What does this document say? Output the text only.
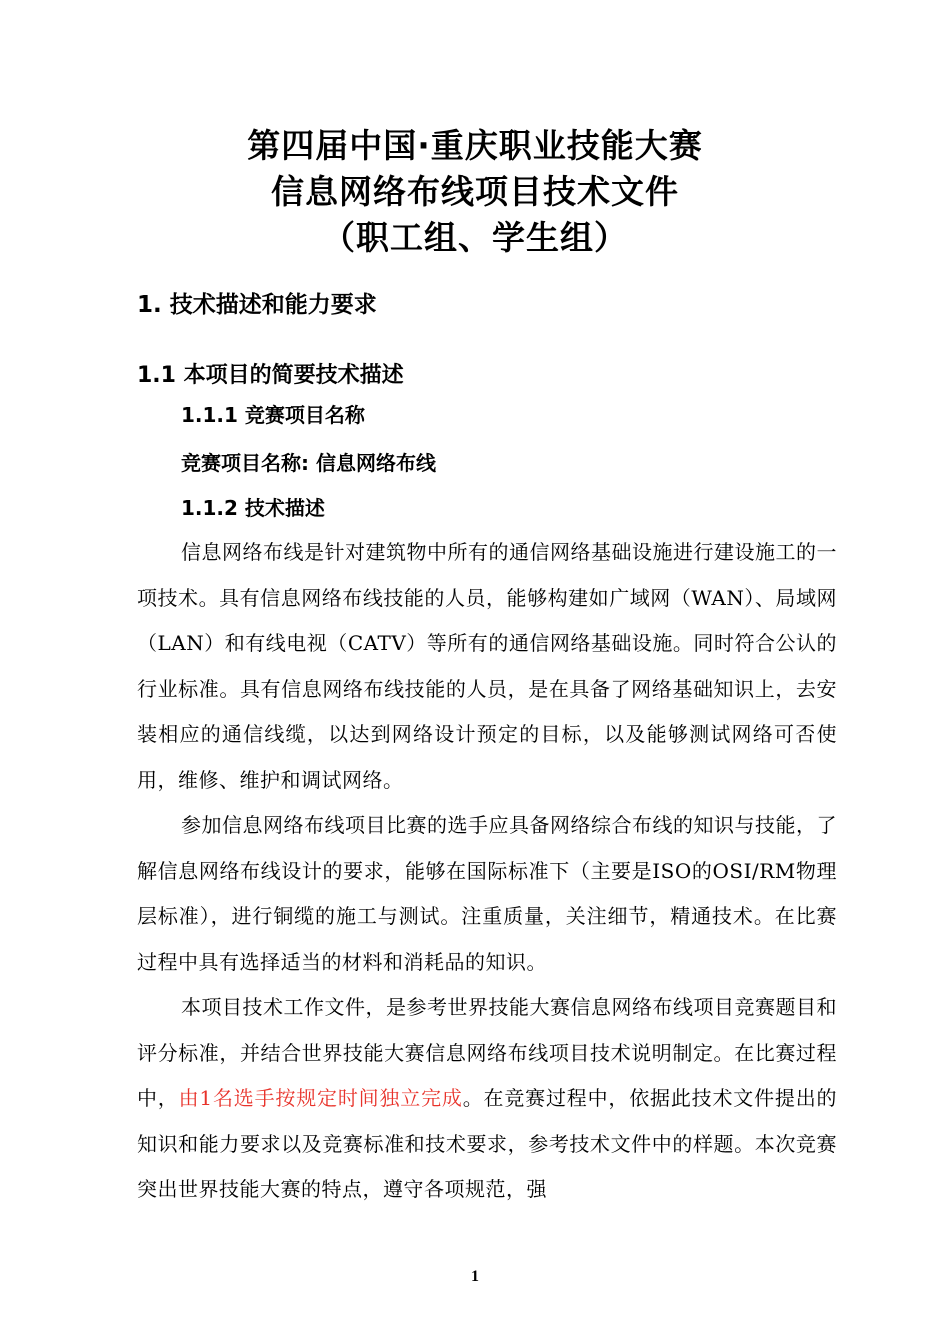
第四届中国·重庆职业技能大赛
信息网络布线项目技术文件
（职工组、学生组）
1. 技术描述和能力要求
1.1 本项目的简要技术描述
1.1.1 竞赛项目名称
竞赛项目名称: 信息网络布线
1.1.2 技术描述

信息网络布线是针对建筑物中所有的通信网络基础设施进行建设施工的一项技术。具有信息网络布线技能的人员，能够构建如广域网（WAN）、局域网（LAN）和有线电视（CATV）等所有的通信网络基础设施。同时符合公认的行业标准。具有信息网络布线技能的人员，是在具备了网络基础知识上，去安装相应的通信线缆，以达到网络设计预定的目标，以及能够测试网络可否使用，维修、维护和调试网络。

参加信息网络布线项目比赛的选手应具备网络综合布线的知识与技能，了解信息网络布线设计的要求，能够在国际标准下（主要是ISO的OSI/RM物理层标准），进行铜缆的施工与测试。注重质量，关注细节，精通技术。在比赛过程中具有选择适当的材料和消耗品的知识。

本项目技术工作文件，是参考世界技能大赛信息网络布线项目竞赛题目和评分标准，并结合世界技能大赛信息网络布线项目技术说明制定。在比赛过程中，由1名选手按规定时间独立完成。在竞赛过程中，依据此技术文件提出的知识和能力要求以及竞赛标准和技术要求，参考技术文件中的样题。本次竞赛突出世界技能大赛的特点，遵守各项规范，强

1
